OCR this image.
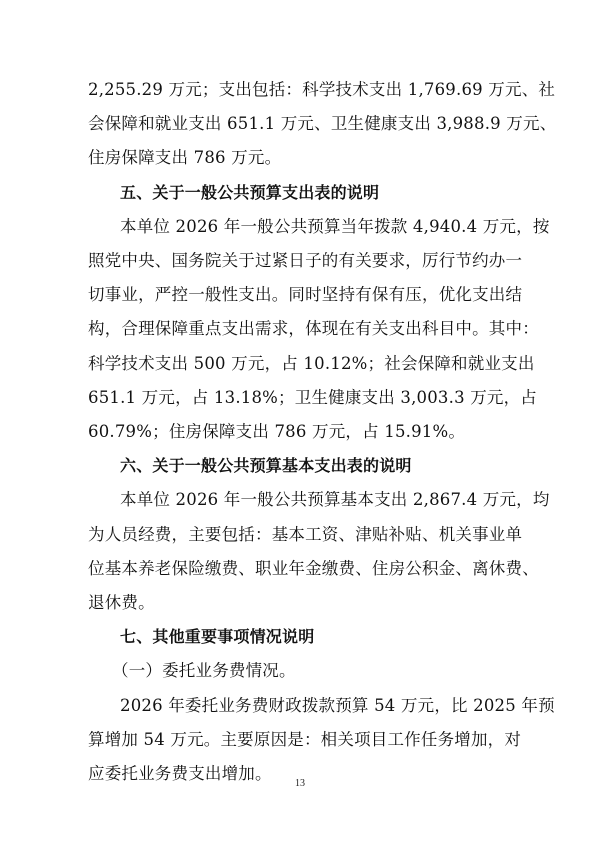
2,255.29 万元；支出包括：科学技术支出 1,769.69 万元、社
会保障和就业支出 651.1 万元、卫生健康支出 3,988.9 万元、
住房保障支出 786 万元。
五、关于一般公共预算支出表的说明
本单位 2026 年一般公共预算当年拨款 4,940.4 万元，按
照党中央、国务院关于过紧日子的有关要求，厉行节约办一
切事业，严控一般性支出。同时坚持有保有压，优化支出结
构，合理保障重点支出需求，体现在有关支出科目中。其中：
科学技术支出 500 万元，占 10.12%；社会保障和就业支出
651.1 万元，占 13.18%；卫生健康支出 3,003.3 万元，占
60.79%；住房保障支出 786 万元，占 15.91%。
六、关于一般公共预算基本支出表的说明
本单位 2026 年一般公共预算基本支出 2,867.4 万元，均
为人员经费，主要包括：基本工资、津贴补贴、机关事业单
位基本养老保险缴费、职业年金缴费、住房公积金、离休费、
退休费。
七、其他重要事项情况说明
（一）委托业务费情况。
2026 年委托业务费财政拨款预算 54 万元，比 2025 年预
算增加 54 万元。主要原因是：相关项目工作任务增加，对
13
应委托业务费支出增加。
